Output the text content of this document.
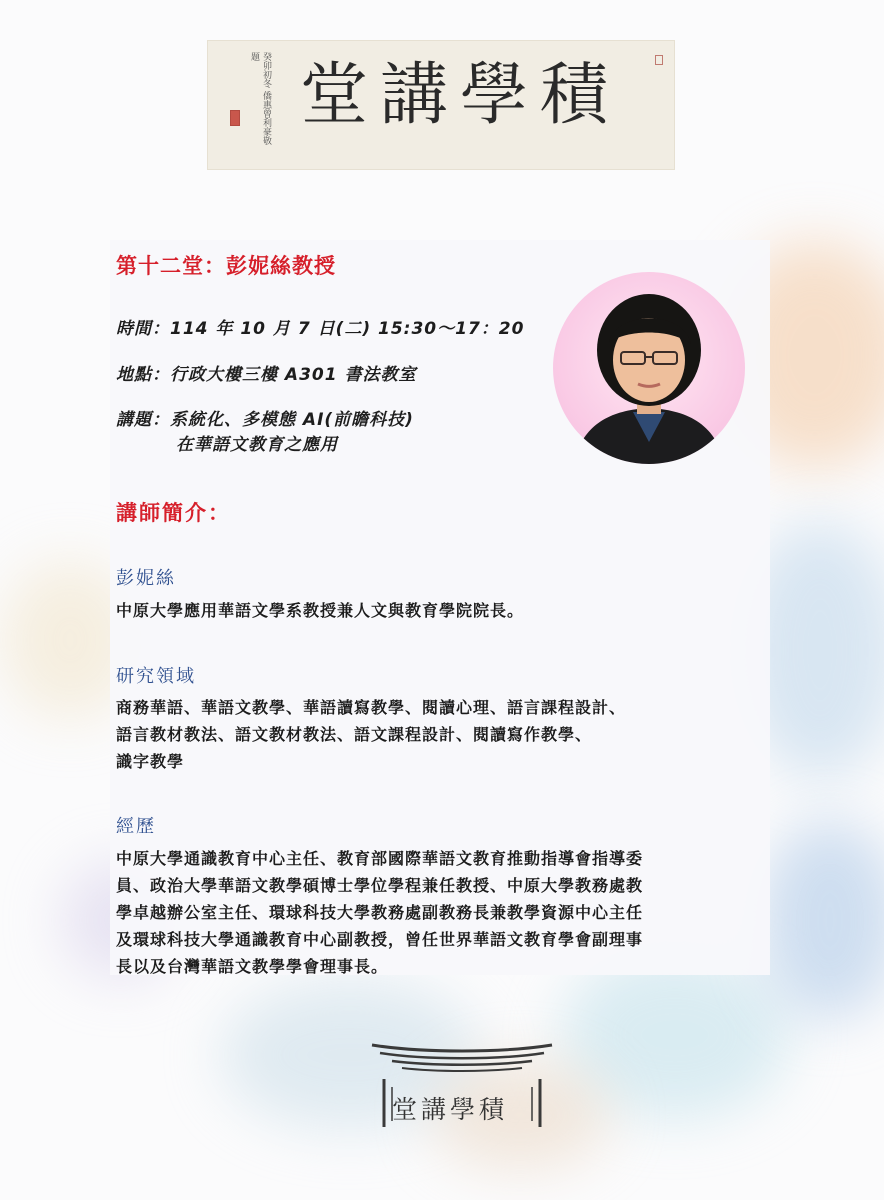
癸卯初冬 僑惠曾利豪敬題 堂講學積
第十二堂：彭妮絲教授
時間：114 年 10 月 7 日(二) 15:30～17：20
地點：行政大樓三樓 A301 書法教室
講題：系統化、多模態 AI(前瞻科技)
在華語文教育之應用
講師簡介：
彭妮絲
中原大學應用華語文學系教授兼人文與教育學院院長。
研究領域
商務華語、華語文教學、華語讀寫教學、閱讀心理、語言課程設計、
語言教材教法、語文教材教法、語文課程設計、閱讀寫作教學、
識字教學
經歷
中原大學通識教育中心主任、教育部國際華語文教育推動指導會指導委
員、政治大學華語文教學碩博士學位學程兼任教授、中原大學教務處教
學卓越辦公室主任、環球科技大學教務處副教務長兼教學資源中心主任
及環球科技大學通識教育中心副教授，曾任世界華語文教育學會副理事
長以及台灣華語文教學學會理事長。
堂講學積
